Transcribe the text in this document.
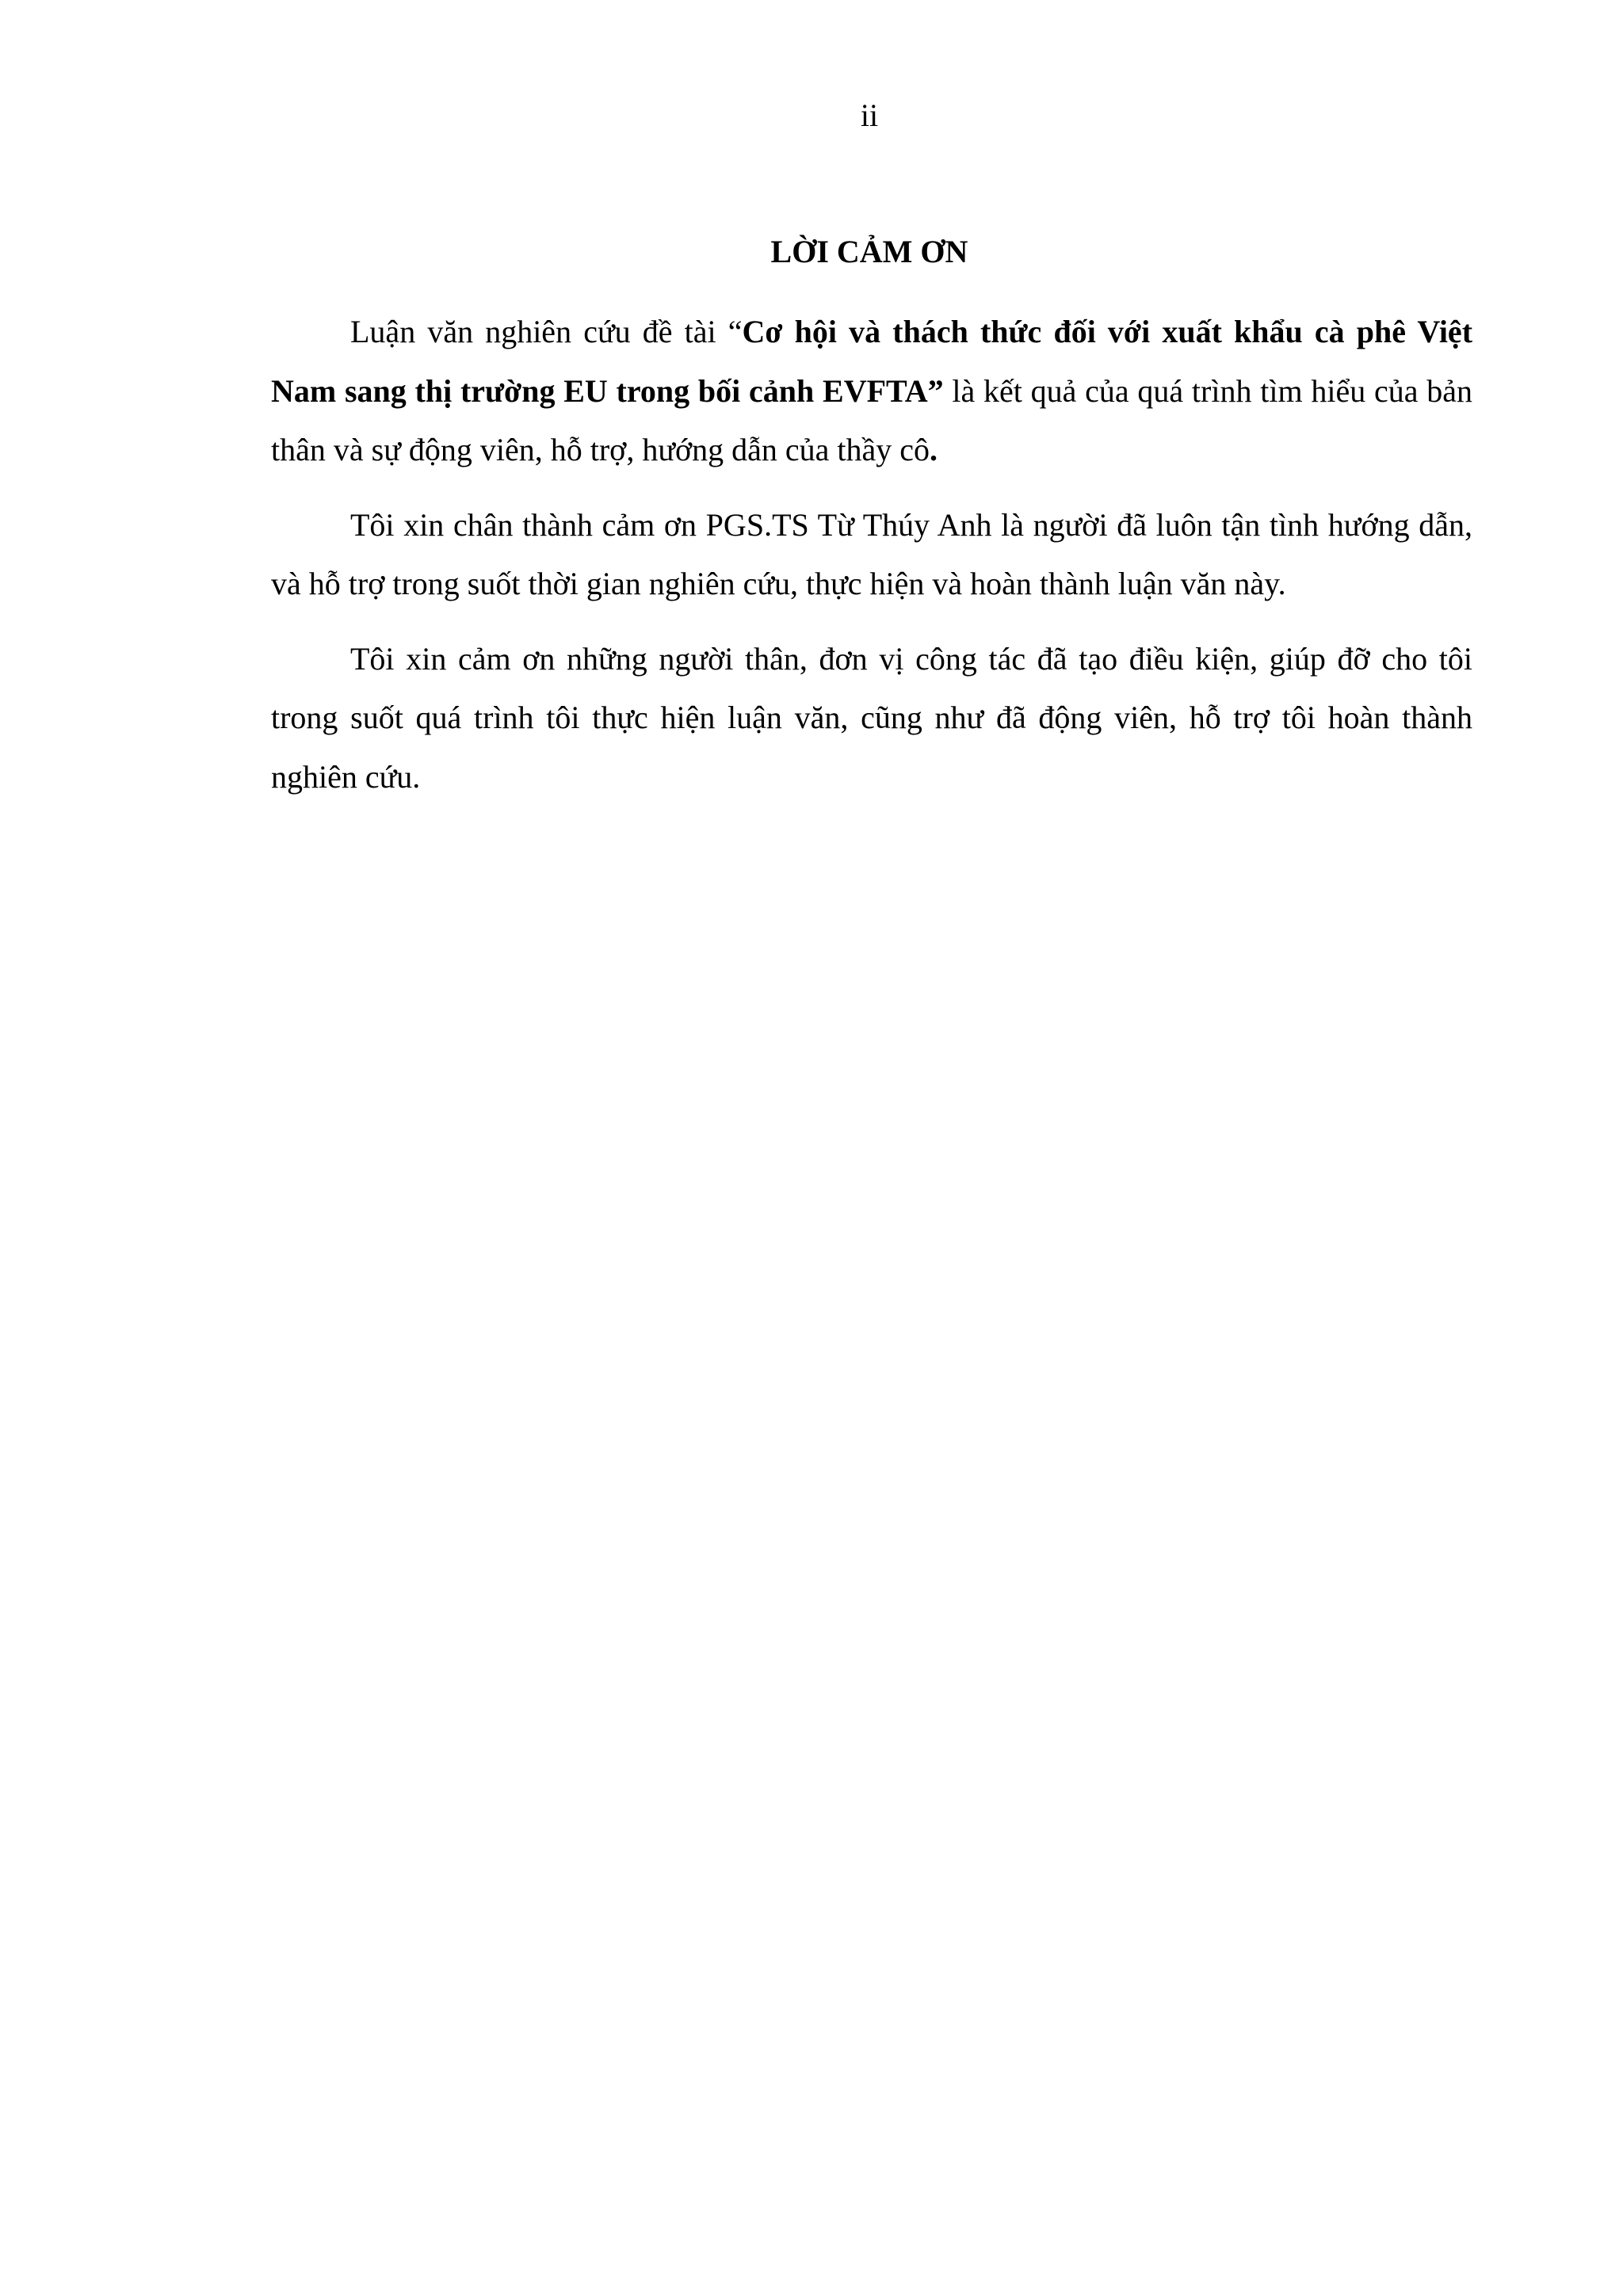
ii
LỜI CẢM ƠN

Luận văn nghiên cứu đề tài “Cơ hội và thách thức đối với xuất khẩu cà phê Việt Nam sang thị trường EU trong bối cảnh EVFTA” là kết quả của quá trình tìm hiểu của bản thân và sự động viên, hỗ trợ, hướng dẫn của thầy cô.

Tôi xin chân thành cảm ơn PGS.TS Từ Thúy Anh là người đã luôn tận tình hướng dẫn, và hỗ trợ trong suốt thời gian nghiên cứu, thực hiện và hoàn thành luận văn này.

Tôi xin cảm ơn những người thân, đơn vị công tác đã tạo điều kiện, giúp đỡ cho tôi trong suốt quá trình tôi thực hiện luận văn, cũng như đã động viên, hỗ trợ tôi hoàn thành nghiên cứu.
